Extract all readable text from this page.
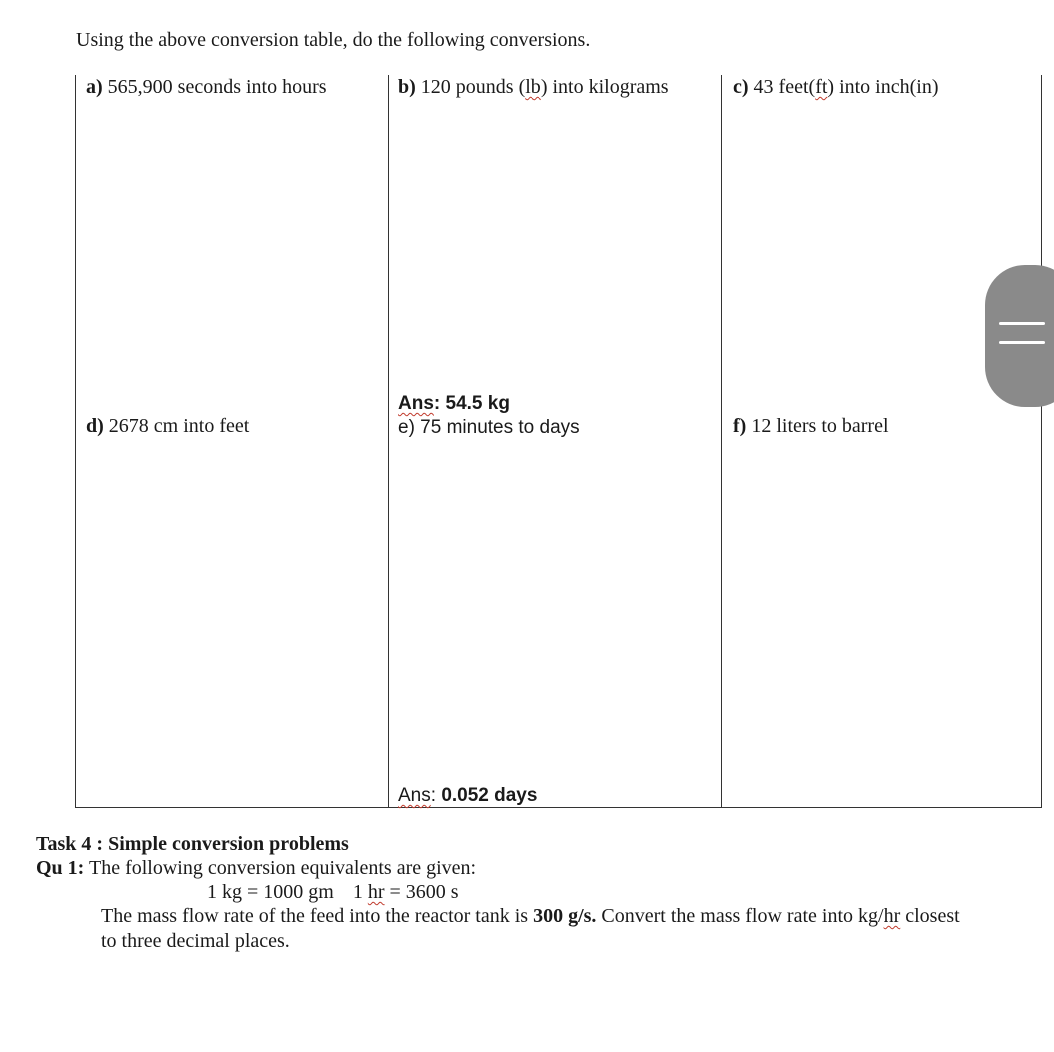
Using the above conversion table, do the following conversions.
a) 565,900 seconds into hours	b) 120 pounds (lb) into kilograms	c) 43 feet(ft) into inch(in)
Ans: 54.5 kg
d) 2678 cm into feet	e) 75 minutes to days	f) 12 liters to barrel
Ans: 0.052 days
Task 4 : Simple conversion problems
Qu 1: The following conversion equivalents are given:
1 kg = 1000 gm 1 hr = 3600 s
The mass flow rate of the feed into the reactor tank is 300 g/s. Convert the mass flow rate into kg/hr closest
to three decimal places.
